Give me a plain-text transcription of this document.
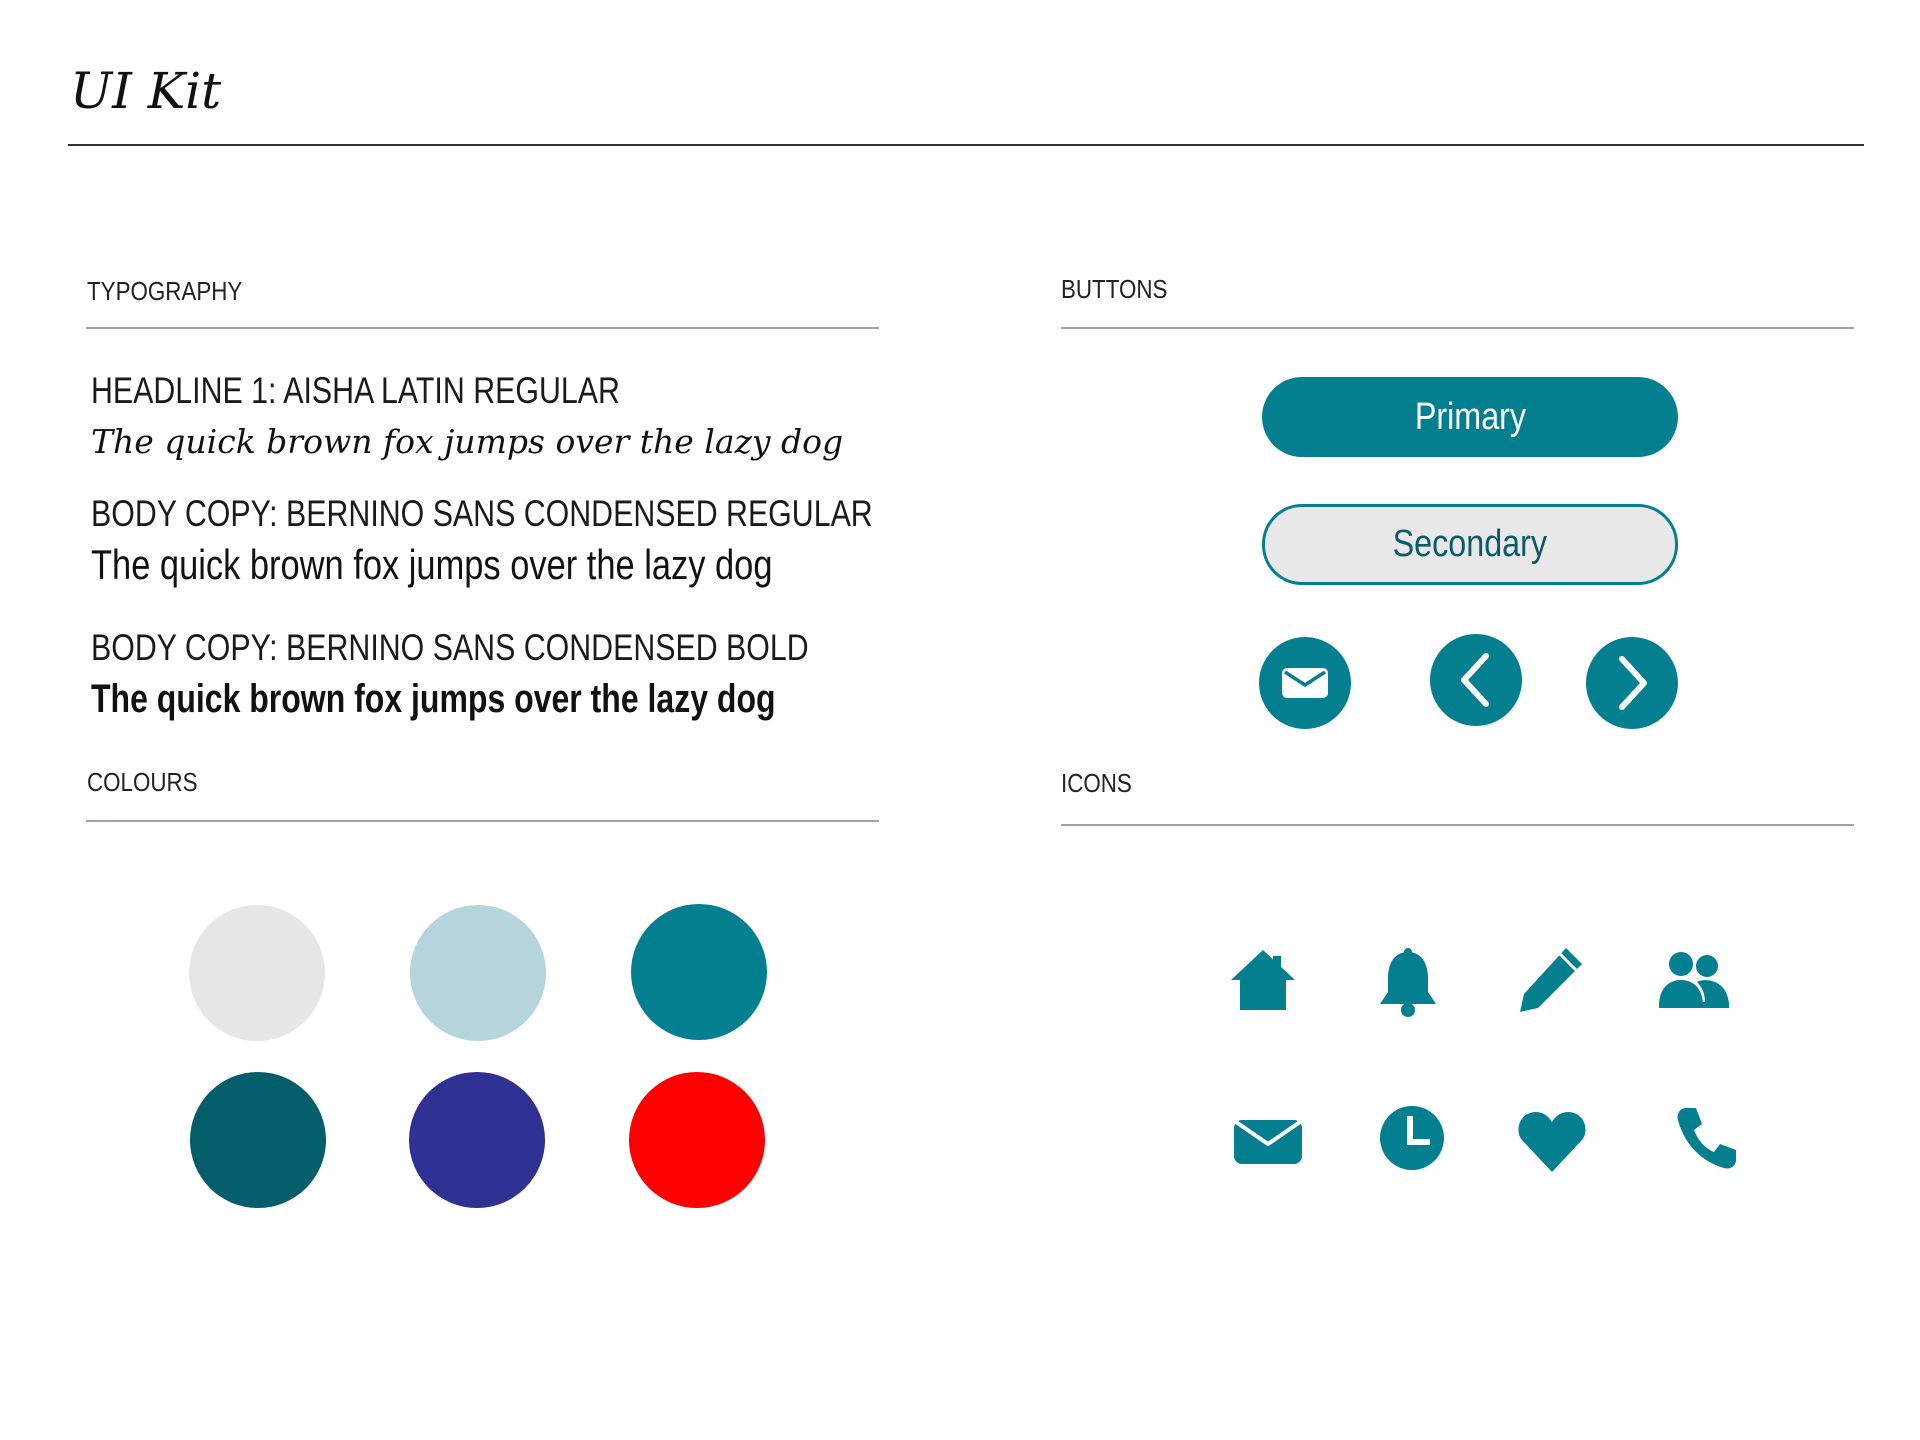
UI Kit
TYPOGRAPHY
HEADLINE 1: AISHA LATIN REGULAR
The quick brown fox jumps over the lazy dog
BODY COPY: BERNINO SANS CONDENSED REGULAR
The quick brown fox jumps over the lazy dog
BODY COPY: BERNINO SANS CONDENSED BOLD
The quick brown fox jumps over the lazy dog
BUTTONS
Primary
Secondary
COLOURS	ICONS
